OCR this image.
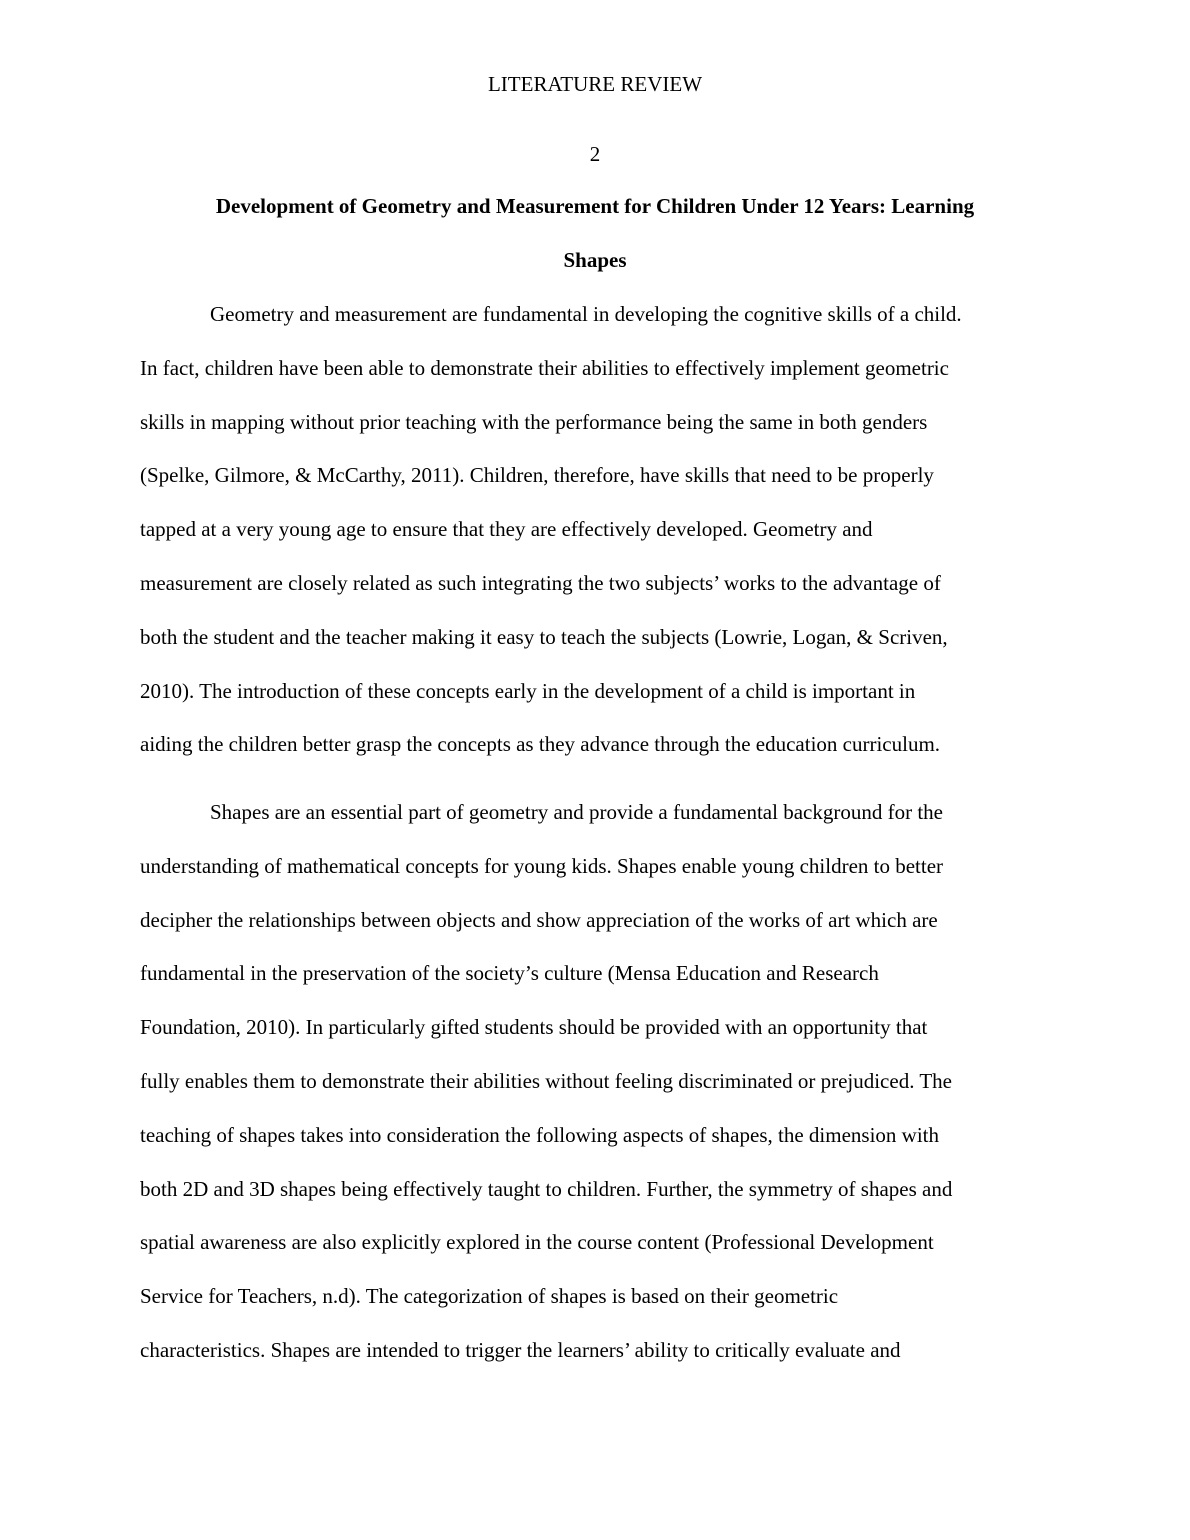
LITERATURE REVIEW
2
Development of Geometry and Measurement for Children Under 12 Years: Learning
Shapes

Geometry and measurement are fundamental in developing the cognitive skills of a child.
In fact, children have been able to demonstrate their abilities to effectively implement geometric
skills in mapping without prior teaching with the performance being the same in both genders
(Spelke, Gilmore, & McCarthy, 2011). Children, therefore, have skills that need to be properly
tapped at a very young age to ensure that they are effectively developed. Geometry and
measurement are closely related as such integrating the two subjects’ works to the advantage of
both the student and the teacher making it easy to teach the subjects (Lowrie, Logan, & Scriven,
2010). The introduction of these concepts early in the development of a child is important in
aiding the children better grasp the concepts as they advance through the education curriculum.

Shapes are an essential part of geometry and provide a fundamental background for the
understanding of mathematical concepts for young kids. Shapes enable young children to better
decipher the relationships between objects and show appreciation of the works of art which are
fundamental in the preservation of the society’s culture (Mensa Education and Research
Foundation, 2010). In particularly gifted students should be provided with an opportunity that
fully enables them to demonstrate their abilities without feeling discriminated or prejudiced. The
teaching of shapes takes into consideration the following aspects of shapes, the dimension with
both 2D and 3D shapes being effectively taught to children. Further, the symmetry of shapes and
spatial awareness are also explicitly explored in the course content (Professional Development
Service for Teachers, n.d). The categorization of shapes is based on their geometric
characteristics. Shapes are intended to trigger the learners’ ability to critically evaluate and
